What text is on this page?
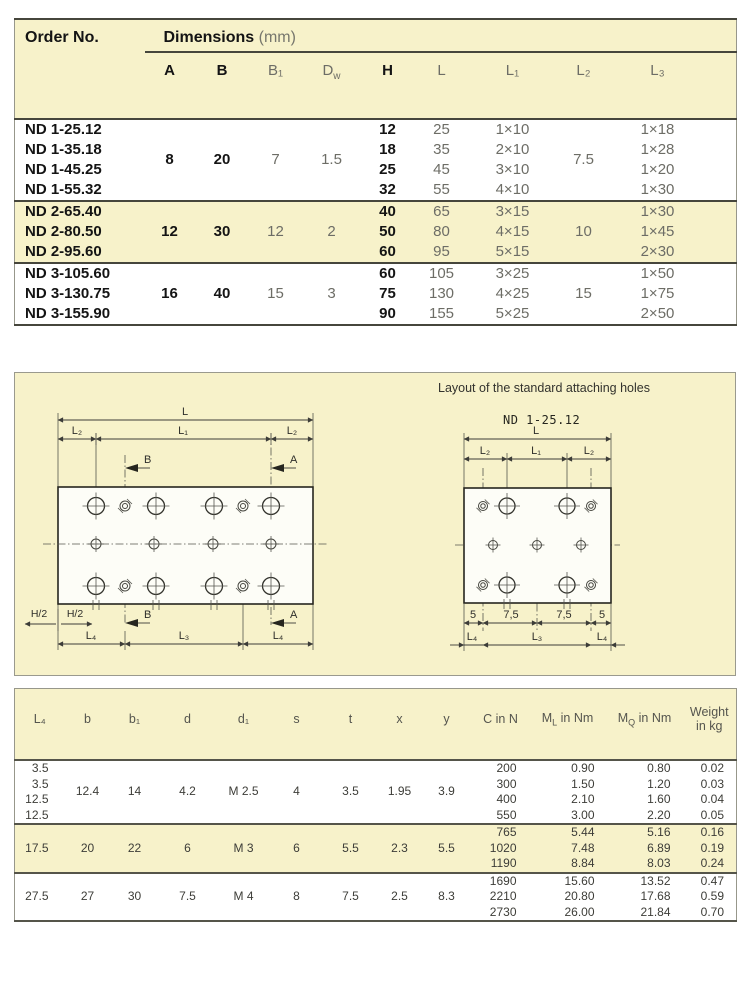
Order No.	Dimensions (mm)									
	A	B	B₁	$D_w$	H	L	L₁	L₂	L₃	
ND 1-25.12	8	20	7	1.5	12	25	1×10	7.5	1×18	
ND 1-35.18					18	35	2×10		1×28	
ND 1-45.25					25	45	3×10		1×20	
ND 1-55.32					32	55	4×10		1×30	
ND 2-65.40	12	30	12	2	40	65	3×15	10	1×30	
ND 2-80.50					50	80	4×15		1×45	
ND 2-95.60					60	95	5×15		2×30	
ND 3-105.60	16	40	15	3	60	105	3×25	15	1×50	
ND 3-130.75					75	130	4×25		1×75	
ND 3-155.90					90	155	5×25		2×50	
L
L₂	L₁	L₂
B	A
B	A
H/2 H/2
L₄	L₃	L₄
Layout of the standard attaching holes
ND 1-25.12
L
L₂	L₁	L₂
5 7,5	7,5 5
L₄	L₃	L₄
L₄	b	b₁	d	d₁	s	t	x	y	C in N	$M_L$ in Nm	$M_Q$ in Nm	Weight
in kg
3.5	12.4	14	4.2	M 2.5	4	3.5	1.95	3.9	200	0.90	0.80	0.02
3.5									300	1.50	1.20	0.03
12.5									400	2.10	1.60	0.04
12.5									550	3.00	2.20	0.05
	20	22	6	M 3	6	5.5	2.3	5.5	765	5.44	5.16	0.16
17.5									1020	7.48	6.89	0.19
									1190	8.84	8.03	0.24
	27	30	7.5	M 4	8	7.5	2.5	8.3	1690	15.60	13.52	0.47
27.5									2210	20.80	17.68	0.59
									2730	26.00	21.84	0.70
